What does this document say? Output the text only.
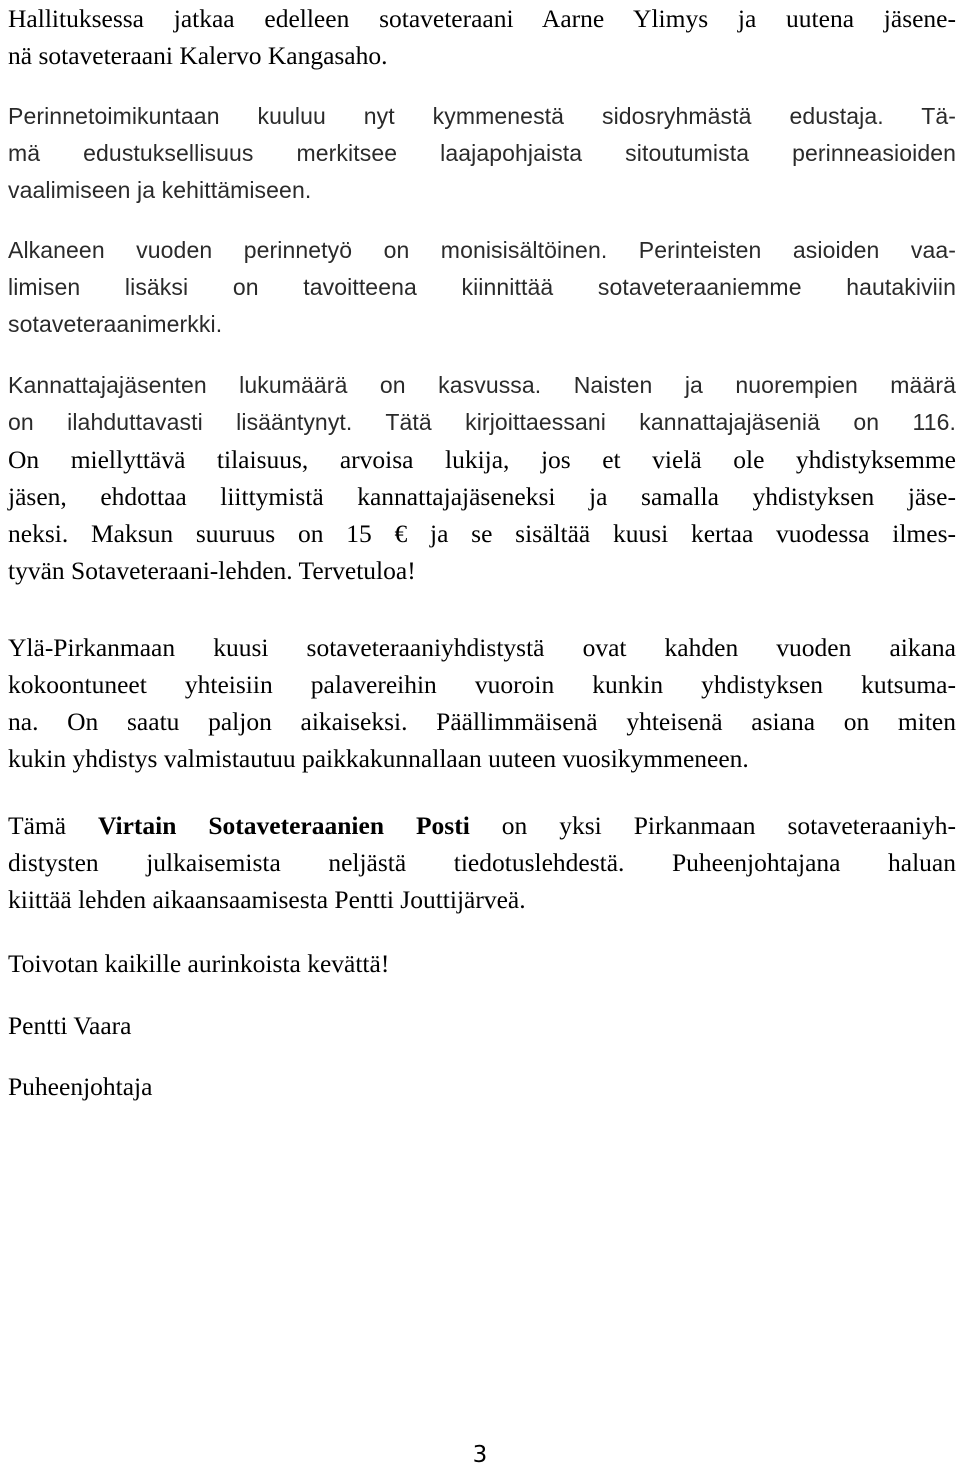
Hallituksessa jatkaa edelleen sotaveteraani Aarne Ylimys ja uutena jäsene-
nä sotaveteraani Kalervo Kangasaho.

Perinnetoimikuntaan kuuluu nyt kymmenestä sidosryhmästä edustaja. Tä-
mä edustuksellisuus merkitsee laajapohjaista sitoutumista perinneasioiden
vaalimiseen ja kehittämiseen.

Alkaneen vuoden perinnetyö on monisisältöinen. Perinteisten asioiden vaa-
limisen lisäksi on tavoitteena kiinnittää sotaveteraaniemme hautakiviin
sotaveteraanimerkki.

Kannattajajäsenten lukumäärä on kasvussa. Naisten ja nuorempien määrä
on ilahduttavasti lisääntynyt. Tätä kirjoittaessani kannattajajäseniä on 116.
On miellyttävä tilaisuus, arvoisa lukija, jos et vielä ole yhdistyksemme
jäsen, ehdottaa liittymistä kannattajajäseneksi ja samalla yhdistyksen jäse-
neksi. Maksun suuruus on 15 € ja se sisältää kuusi kertaa vuodessa ilmes-
tyvän Sotaveteraani-lehden. Tervetuloa!

Ylä-Pirkanmaan kuusi sotaveteraaniyhdistystä ovat kahden vuoden aikana
kokoontuneet yhteisiin palavereihin vuoroin kunkin yhdistyksen kutsuma-
na. On saatu paljon aikaiseksi. Päällimmäisenä yhteisenä asiana on miten
kukin yhdistys valmistautuu paikkakunnallaan uuteen vuosikymmeneen.

Tämä Virtain Sotaveteraanien Posti on yksi Pirkanmaan sotaveteraaniyh-
distysten julkaisemista neljästä tiedotuslehdestä. Puheenjohtajana haluan
kiittää lehden aikaansaamisesta Pentti Jouttijärveä.

Toivotan kaikille aurinkoista kevättä!

Pentti Vaara

Puheenjohtaja

3
